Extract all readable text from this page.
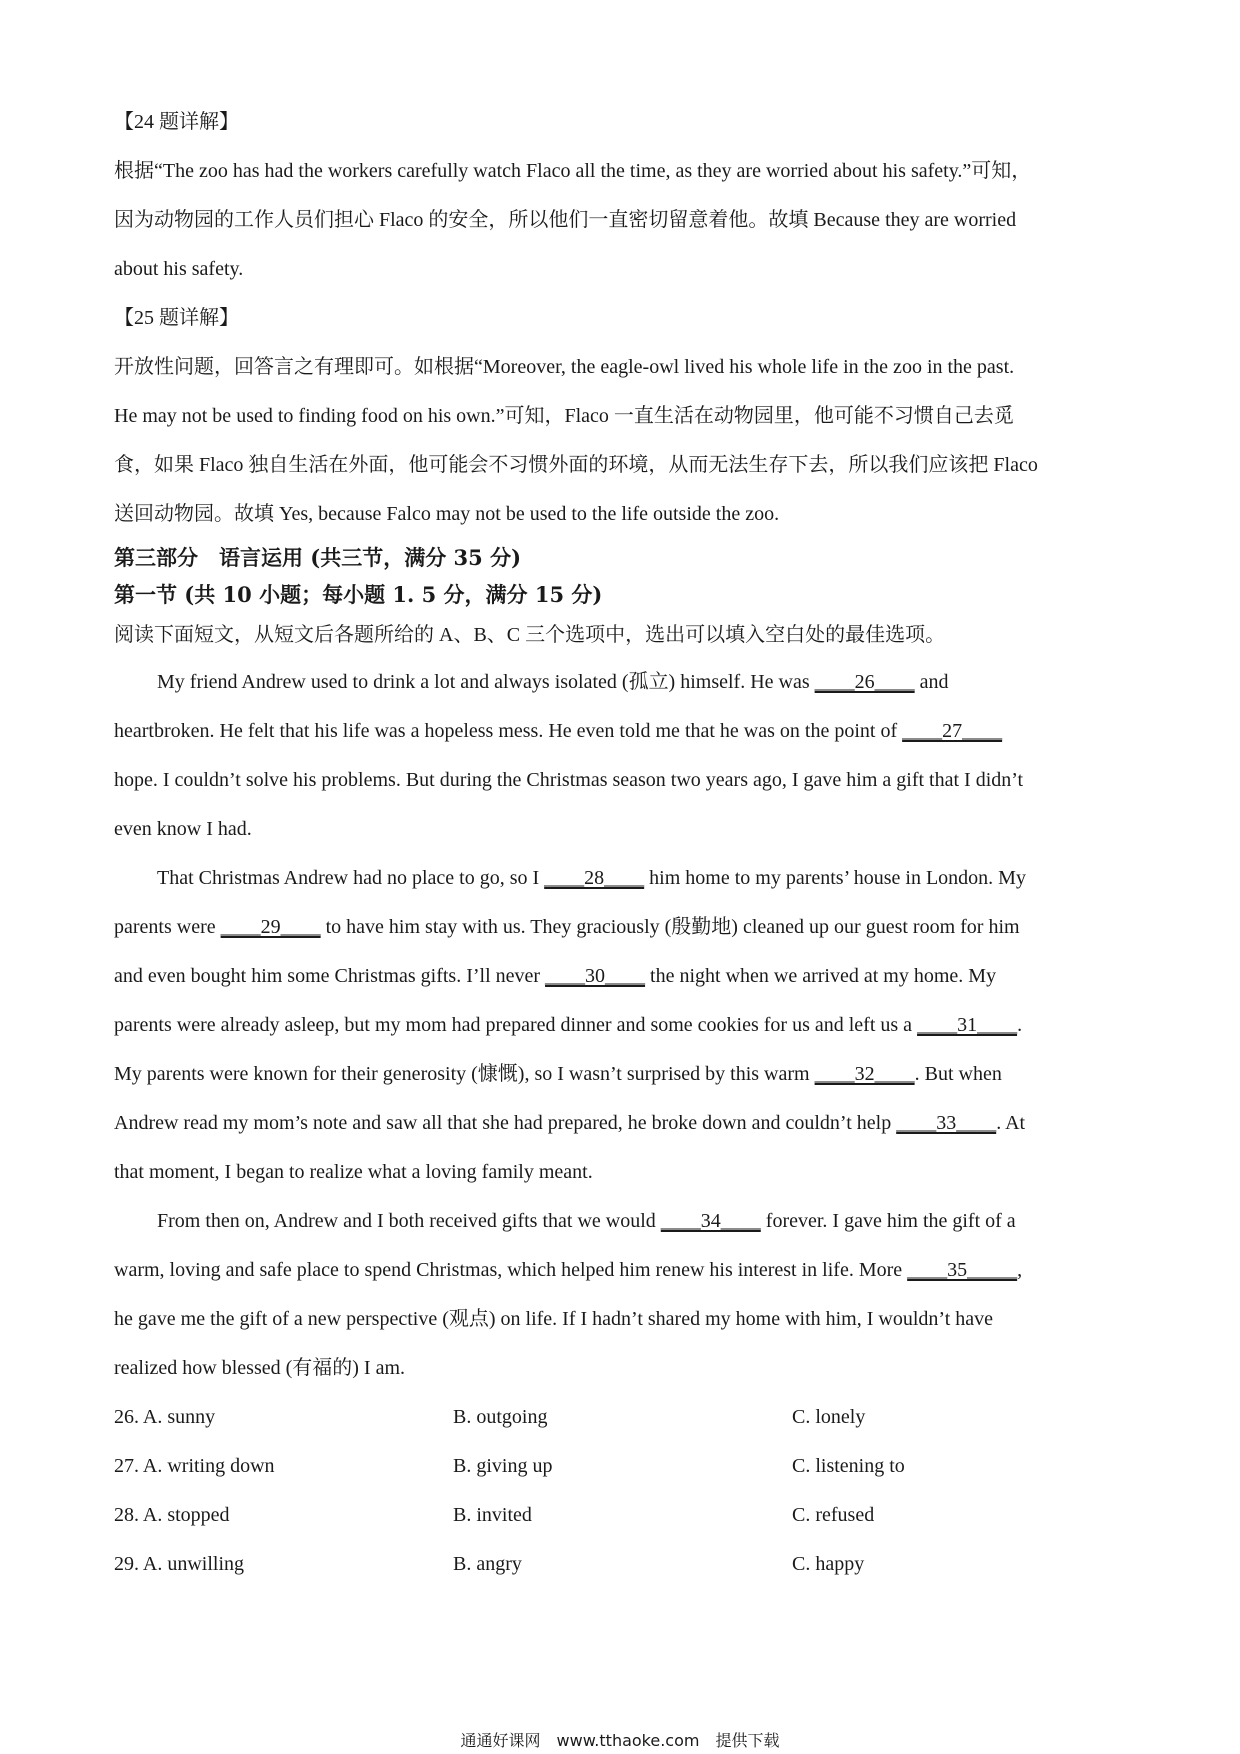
【24 题详解】
根据“The zoo has had the workers carefully watch Flaco all the time, as they are worried about his safety.”可知，
因为动物园的工作人员们担心 Flaco 的安全，所以他们一直密切留意着他。故填 Because they are worried
about his safety.
【25 题详解】
开放性问题，回答言之有理即可。如根据“Moreover, the eagle-owl lived his whole life in the zoo in the past.
He may not be used to finding food on his own.”可知，Flaco 一直生活在动物园里，他可能不习惯自己去觅
食，如果 Flaco 独自生活在外面，他可能会不习惯外面的环境，从而无法生存下去，所以我们应该把 Flaco
送回动物园。故填 Yes, because Falco may not be used to the life outside the zoo.
第三部分　语言运用 (共三节，满分 35 分)
第一节 (共 10 小题；每小题 1. 5 分，满分 15 分)
阅读下面短文，从短文后各题所给的 A、B、C 三个选项中，选出可以填入空白处的最佳选项。
My friend Andrew used to drink a lot and always isolated (孤立) himself. He was ____26____ and
heartbroken. He felt that his life was a hopeless mess. He even told me that he was on the point of ____27____
hope. I couldn’t solve his problems. But during the Christmas season two years ago, I gave him a gift that I didn’t
even know I had.
That Christmas Andrew had no place to go, so I ____28____ him home to my parents’ house in London. My
parents were ____29____ to have him stay with us. They graciously (殷勤地) cleaned up our guest room for him
and even bought him some Christmas gifts. I’ll never ____30____ the night when we arrived at my home. My
parents were already asleep, but my mom had prepared dinner and some cookies for us and left us a ____31____.
My parents were known for their generosity (慷慨), so I wasn’t surprised by this warm ____32____. But when
Andrew read my mom’s note and saw all that she had prepared, he broke down and couldn’t help ____33____. At
that moment, I began to realize what a loving family meant.
From then on, Andrew and I both received gifts that we would ____34____ forever. I gave him the gift of a
warm, loving and safe place to spend Christmas, which helped him renew his interest in life. More ____35_____,
he gave me the gift of a new perspective (观点) on life. If I hadn’t shared my home with him, I wouldn’t have
realized how blessed (有福的) I am.
26. A. sunny	B. outgoing	C. lonely
27. A. writing down	B. giving up	C. listening to
28. A. stopped	B. invited	C. refused
29. A. unwilling	B. angry	C. happy
通通好课网　www.tthaoke.com　提供下载
